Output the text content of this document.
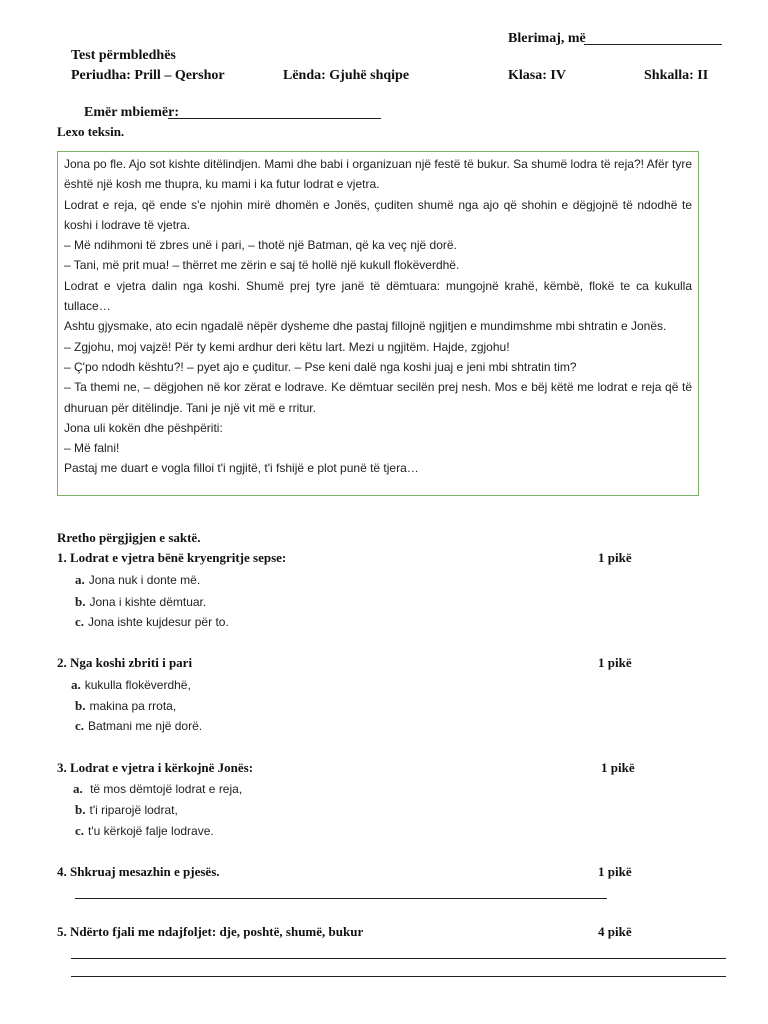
Blerimaj, më
Test përmbledhës
Periudha: Prill – Qershor	Lënda: Gjuhë shqipe	Klasa: IV	Shkalla: II
Emër mbiemër:
Lexo teksin.

Jona po fle. Ajo sot kishte ditëlindjen. Mami dhe babi i organizuan një festë të bukur. Sa shumë lodra të reja?! Afër tyre është një kosh me thupra, ku mami i ka futur lodrat e vjetra.

Lodrat e reja, që ende s'e njohin mirë dhomën e Jonës, çuditen shumë nga ajo që shohin e dëgjojnë të ndodhë te koshi i lodrave të vjetra.

– Më ndihmoni të zbres unë i pari, – thotë një Batman, që ka veç një dorë.

– Tani, më prit mua! – thërret me zërin e saj të hollë një kukull flokëverdhë.

Lodrat e vjetra dalin nga koshi. Shumë prej tyre janë të dëmtuara: mungojnë krahë, këmbë, flokë te ca kukulla tullace…

Ashtu gjysmake, ato ecin ngadalë nëpër dysheme dhe pastaj fillojnë ngjitjen e mundimshme mbi shtratin e Jonës.

– Zgjohu, moj vajzë! Për ty kemi ardhur deri këtu lart. Mezi u ngjitëm. Hajde, zgjohu!

– Ç'po ndodh kështu?! – pyet ajo e çuditur. – Pse keni dalë nga koshi juaj e jeni mbi shtratin tim?

– Ta themi ne, – dëgjohen në kor zërat e lodrave. Ke dëmtuar secilën prej nesh. Mos e bëj këtë me lodrat e reja që të dhuruan për ditëlindje. Tani je një vit më e rritur.

Jona uli kokën dhe pëshpëriti:

– Më falni!

Pastaj me duart e vogla filloi t'i ngjitë, t'i fshijë e plot punë të tjera…

Rretho përgjigjen e saktë.
1. Lodrat e vjetra bënë kryengritje sepse:	1 pikë
a. Jona nuk i donte më.
b. Jona i kishte dëmtuar.
c. Jona ishte kujdesur për to.
2. Nga koshi zbriti i pari	1 pikë
a. kukulla flokëverdhë,
b. makina pa rrota,
c. Batmani me një dorë.
3. Lodrat e vjetra i kërkojnë Jonës:	1 pikë
a. të mos dëmtojë lodrat e reja,
b. t'i riparojë lodrat,
c. t'u kërkojë falje lodrave.
4. Shkruaj mesazhin e pjesës.	1 pikë
5. Ndërto fjali me ndajfoljet: dje, poshtë, shumë, bukur	4 pikë
